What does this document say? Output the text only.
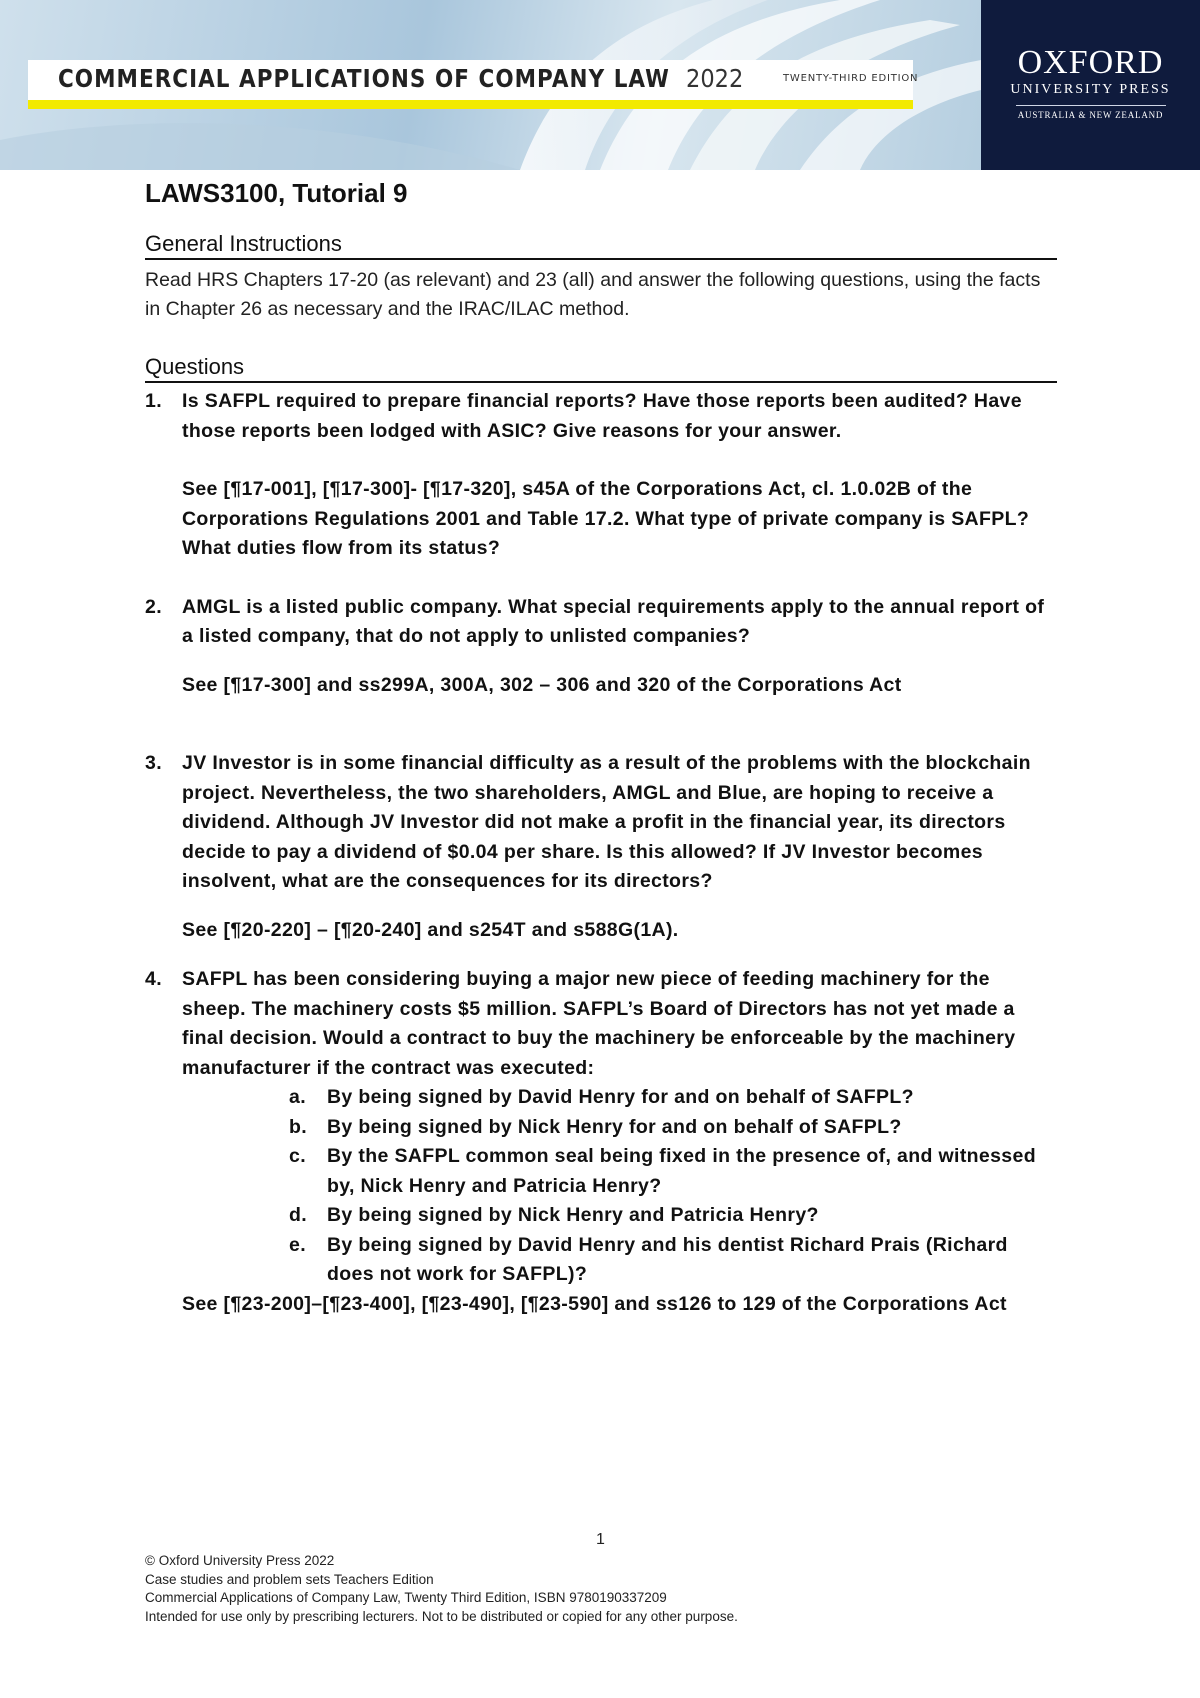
COMMERCIAL APPLICATIONS OF COMPANY LAW 2022	TWENTY-THIRD EDITION	OXFORD
UNIVERSITY PRESS
AUSTRALIA & NEW ZEALAND
LAWS3100, Tutorial 9
General Instructions

Read HRS Chapters 17-20 (as relevant) and 23 (all) and answer the following questions, using the facts in Chapter 26 as necessary and the IRAC/ILAC method.

Questions
1. Is SAFPL required to prepare financial reports? Have those reports been audited? Have those reports been lodged with ASIC? Give reasons for your answer.

See [¶17-001], [¶17-300]- [¶17-320], s45A of the Corporations Act, cl. 1.0.02B of the Corporations Regulations 2001 and Table 17.2. What type of private company is SAFPL? What duties flow from its status?

2. AMGL is a listed public company. What special requirements apply to the annual report of a listed company, that do not apply to unlisted companies?

See [¶17-300] and ss299A, 300A, 302 – 306 and 320 of the Corporations Act

3. JV Investor is in some financial difficulty as a result of the problems with the blockchain project. Nevertheless, the two shareholders, AMGL and Blue, are hoping to receive a dividend. Although JV Investor did not make a profit in the financial year, its directors decide to pay a dividend of $0.04 per share. Is this allowed? If JV Investor becomes insolvent, what are the consequences for its directors?

See [¶20-220] – [¶20-240] and s254T and s588G(1A).

4. SAFPL has been considering buying a major new piece of feeding machinery for the sheep. The machinery costs $5 million. SAFPL’s Board of Directors has not yet made a final decision. Would a contract to buy the machinery be enforceable by the machinery manufacturer if the contract was executed:

a. By being signed by David Henry for and on behalf of SAFPL?
b. By being signed by Nick Henry for and on behalf of SAFPL?
c. By the SAFPL common seal being fixed in the presence of, and witnessed by, Nick Henry and Patricia Henry?
d. By being signed by Nick Henry and Patricia Henry?
e. By being signed by David Henry and his dentist Richard Prais (Richard does not work for SAFPL)?

See [¶23-200]–[¶23-400], [¶23-490], [¶23-590] and ss126 to 129 of the Corporations Act

1
© Oxford University Press 2022
Case studies and problem sets Teachers Edition
Commercial Applications of Company Law, Twenty Third Edition, ISBN 9780190337209
Intended for use only by prescribing lecturers. Not to be distributed or copied for any other purpose.
